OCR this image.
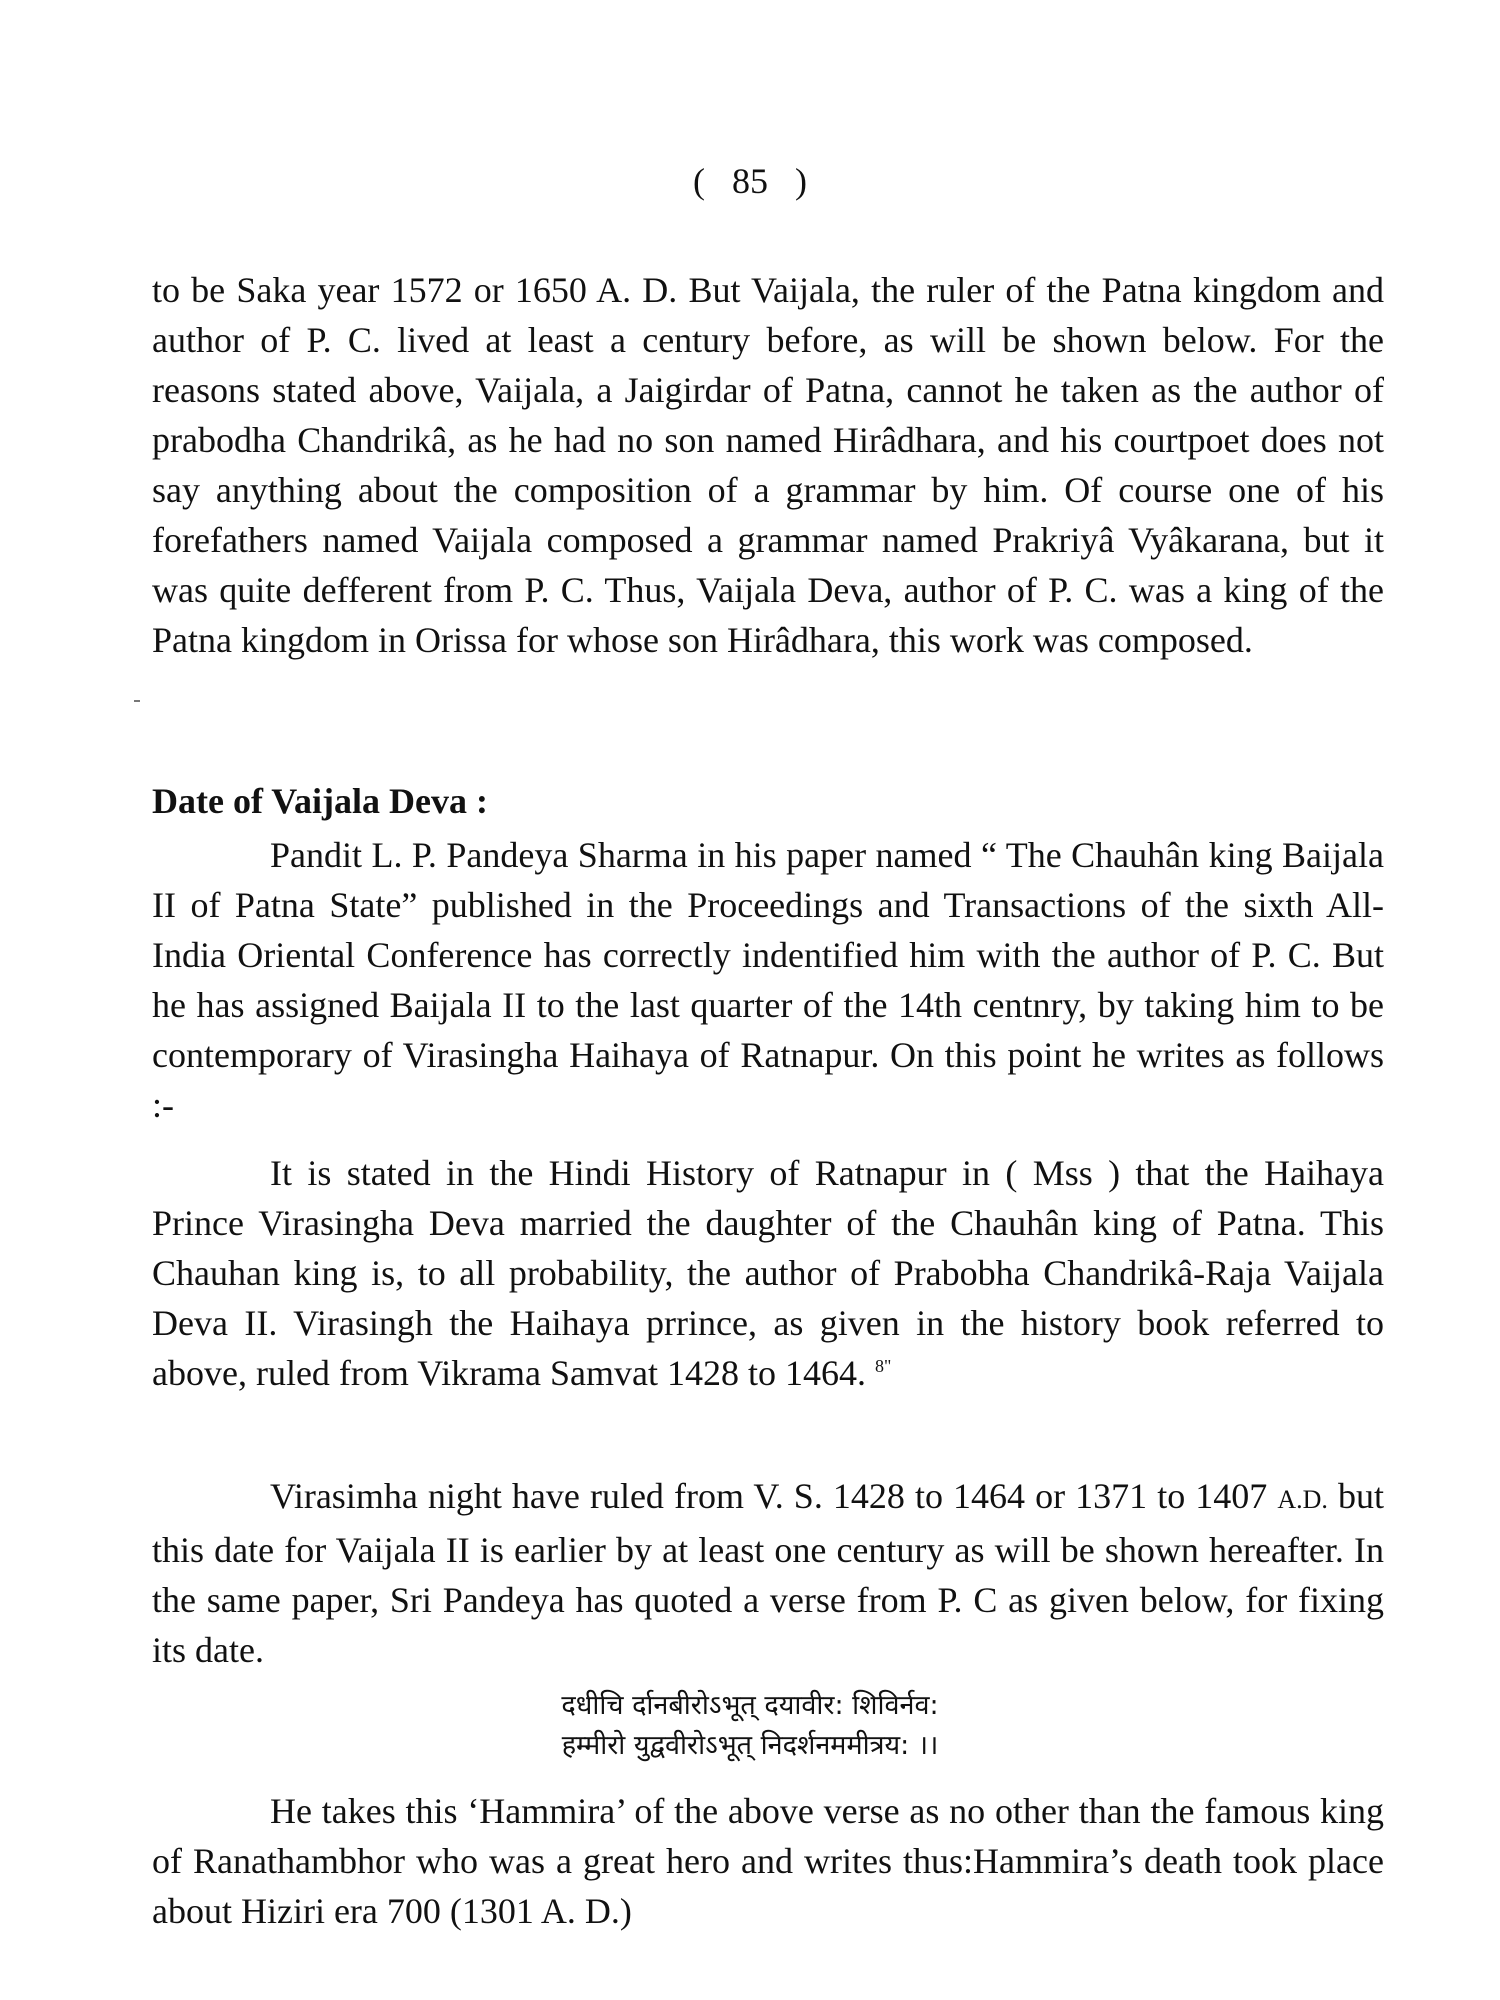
( 85 )

to be Saka year 1572 or 1650 A. D. But Vaijala, the ruler of the Patna kingdom and author of P. C. lived at least a century before, as will be shown below. For the reasons stated above, Vaijala, a Jaigirdar of Patna, cannot he taken as the author of prabodha Chandrikâ, as he had no son named Hirâdhara, and his courtpoet does not say anything about the composition of a grammar by him. Of course one of his forefathers named Vaijala composed a grammar named Prakriyâ Vyâkarana, but it was quite defferent from P. C. Thus, Vaijala Deva, author of P. C. was a king of the Patna kingdom in Orissa for whose son Hirâdhara, this work was composed.

Date of Vaijala Deva :

Pandit L. P. Pandeya Sharma in his paper named “ The Chauhân king Baijala II of Patna State” published in the Proceedings and Transactions of the sixth All-India Oriental Conference has correctly indentified him with the author of P. C. But he has assigned Baijala II to the last quarter of the 14th centnry, by taking him to be contemporary of Virasingha Haihaya of Ratnapur. On this point he writes as follows :-

It is stated in the Hindi History of Ratnapur in ( Mss ) that the Haihaya Prince Virasingha Deva married the daughter of the Chauhân king of Patna. This Chauhan king is, to all probability, the author of Prabobha Chandrikâ-Raja Vaijala Deva II. Virasingh the Haihaya prrince, as given in the history book referred to above, ruled from Vikrama Samvat 1428 to 1464. $^{8"}$

Virasimha night have ruled from V. S. 1428 to 1464 or 1371 to 1407 A.D. but this date for Vaijala II is earlier by at least one century as will be shown hereafter. In the same paper, Sri Pandeya has quoted a verse from P. C as given below, for fixing its date.

दधीचि र्दानबीरोऽभूत् दयावीर: शिविर्नव:
हम्मीरो युद्ववीरोऽभूत् निदर्शनममीत्रय: ।।

He takes this ‘Hammira’ of the above verse as no other than the famous king of Ranathambhor who was a great hero and writes thus:Hammira’s death took place about Hiziri era 700 (1301 A. D.)
